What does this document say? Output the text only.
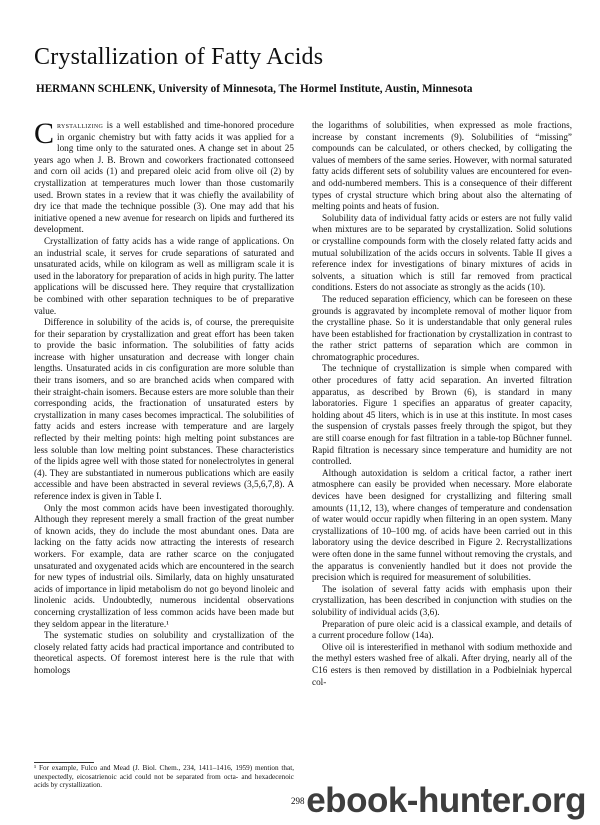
Crystallization of Fatty Acids

HERMANN SCHLENK, University of Minnesota, The Hormel Institute, Austin, Minnesota

Crystallizing is a well established and time-honored procedure in organic chemistry but with fatty acids it was applied for a long time only to the saturated ones. A change set in about 25 years ago when J. B. Brown and coworkers fractionated cottonseed and corn oil acids (1) and prepared oleic acid from olive oil (2) by crystallization at temperatures much lower than those customarily used. Brown states in a review that it was chiefly the availability of dry ice that made the technique possible (3). One may add that his initiative opened a new avenue for research on lipids and furthered its development.

Crystallization of fatty acids has a wide range of applications. On an industrial scale, it serves for crude separations of saturated and unsaturated acids, while on kilogram as well as milligram scale it is used in the laboratory for preparation of acids in high purity. The latter applications will be discussed here. They require that crystallization be combined with other separation techniques to be of preparative value.

Difference in solubility of the acids is, of course, the prerequisite for their separation by crystallization and great effort has been taken to provide the basic information. The solubilities of fatty acids increase with higher unsaturation and decrease with longer chain lengths. Unsaturated acids in cis configuration are more soluble than their trans isomers, and so are branched acids when compared with their straight-chain isomers. Because esters are more soluble than their corresponding acids, the fractionation of unsaturated esters by crystallization in many cases becomes impractical. The solubilities of fatty acids and esters increase with temperature and are largely reflected by their melting points: high melting point substances are less soluble than low melting point substances. These characteristics of the lipids agree well with those stated for nonelectrolytes in general (4). They are substantiated in numerous publications which are easily accessible and have been abstracted in several reviews (3,5,6,7,8). A reference index is given in Table I.

Only the most common acids have been investigated thoroughly. Although they represent merely a small fraction of the great number of known acids, they do include the most abundant ones. Data are lacking on the fatty acids now attracting the interests of research workers. For example, data are rather scarce on the conjugated unsaturated and oxygenated acids which are encountered in the search for new types of industrial oils. Similarly, data on highly unsaturated acids of importance in lipid metabolism do not go beyond linoleic and linolenic acids. Undoubtedly, numerous incidental observations concerning crystallization of less common acids have been made but they seldom appear in the literature.¹

The systematic studies on solubility and crystallization of the closely related fatty acids had practical importance and contributed to theoretical aspects. Of foremost interest here is the rule that with homologs

the logarithms of solubilities, when expressed as mole fractions, increase by constant increments (9). Solubilities of “missing” compounds can be calculated, or others checked, by colligating the values of members of the same series. However, with normal saturated fatty acids different sets of solubility values are encountered for even- and odd-numbered members. This is a consequence of their different types of crystal structure which bring about also the alternating of melting points and heats of fusion.

Solubility data of individual fatty acids or esters are not fully valid when mixtures are to be separated by crystallization. Solid solutions or crystalline compounds form with the closely related fatty acids and mutual solubilization of the acids occurs in solvents. Table II gives a reference index for investigations of binary mixtures of acids in solvents, a situation which is still far removed from practical conditions. Esters do not associate as strongly as the acids (10).

The reduced separation efficiency, which can be foreseen on these grounds is aggravated by incomplete removal of mother liquor from the crystalline phase. So it is understandable that only general rules have been established for fractionation by crystallization in contrast to the rather strict patterns of separation which are common in chromatographic procedures.

The technique of crystallization is simple when compared with other procedures of fatty acid separation. An inverted filtration apparatus, as described by Brown (6), is standard in many laboratories. Figure 1 specifies an apparatus of greater capacity, holding about 45 liters, which is in use at this institute. In most cases the suspension of crystals passes freely through the spigot, but they are still coarse enough for fast filtration in a table-top Büchner funnel. Rapid filtration is necessary since temperature and humidity are not controlled.

Although autoxidation is seldom a critical factor, a rather inert atmosphere can easily be provided when necessary. More elaborate devices have been designed for crystallizing and filtering small amounts (11,12, 13), where changes of temperature and condensation of water would occur rapidly when filtering in an open system. Many crystallizations of 10–100 mg. of acids have been carried out in this laboratory using the device described in Figure 2. Recrystallizations were often done in the same funnel without removing the crystals, and the apparatus is conveniently handled but it does not provide the precision which is required for measurement of solubilities.

The isolation of several fatty acids with emphasis upon their crystallization, has been described in conjunction with studies on the solubility of individual acids (3,6).

Preparation of pure oleic acid is a classical example, and details of a current procedure follow (14a).

Olive oil is interesterified in methanol with sodium methoxide and the methyl esters washed free of alkali. After drying, nearly all of the C16 esters is then removed by distillation in a Podbielniak hypercal col-

¹ For example, Fulco and Mead (J. Biol. Chem., 234, 1411–1416, 1959) mention that, unexpectedly, eicosatrienoic acid could not be separated from octa- and hexadecenoic acids by crystallization.

298 ebook-hunter.org
